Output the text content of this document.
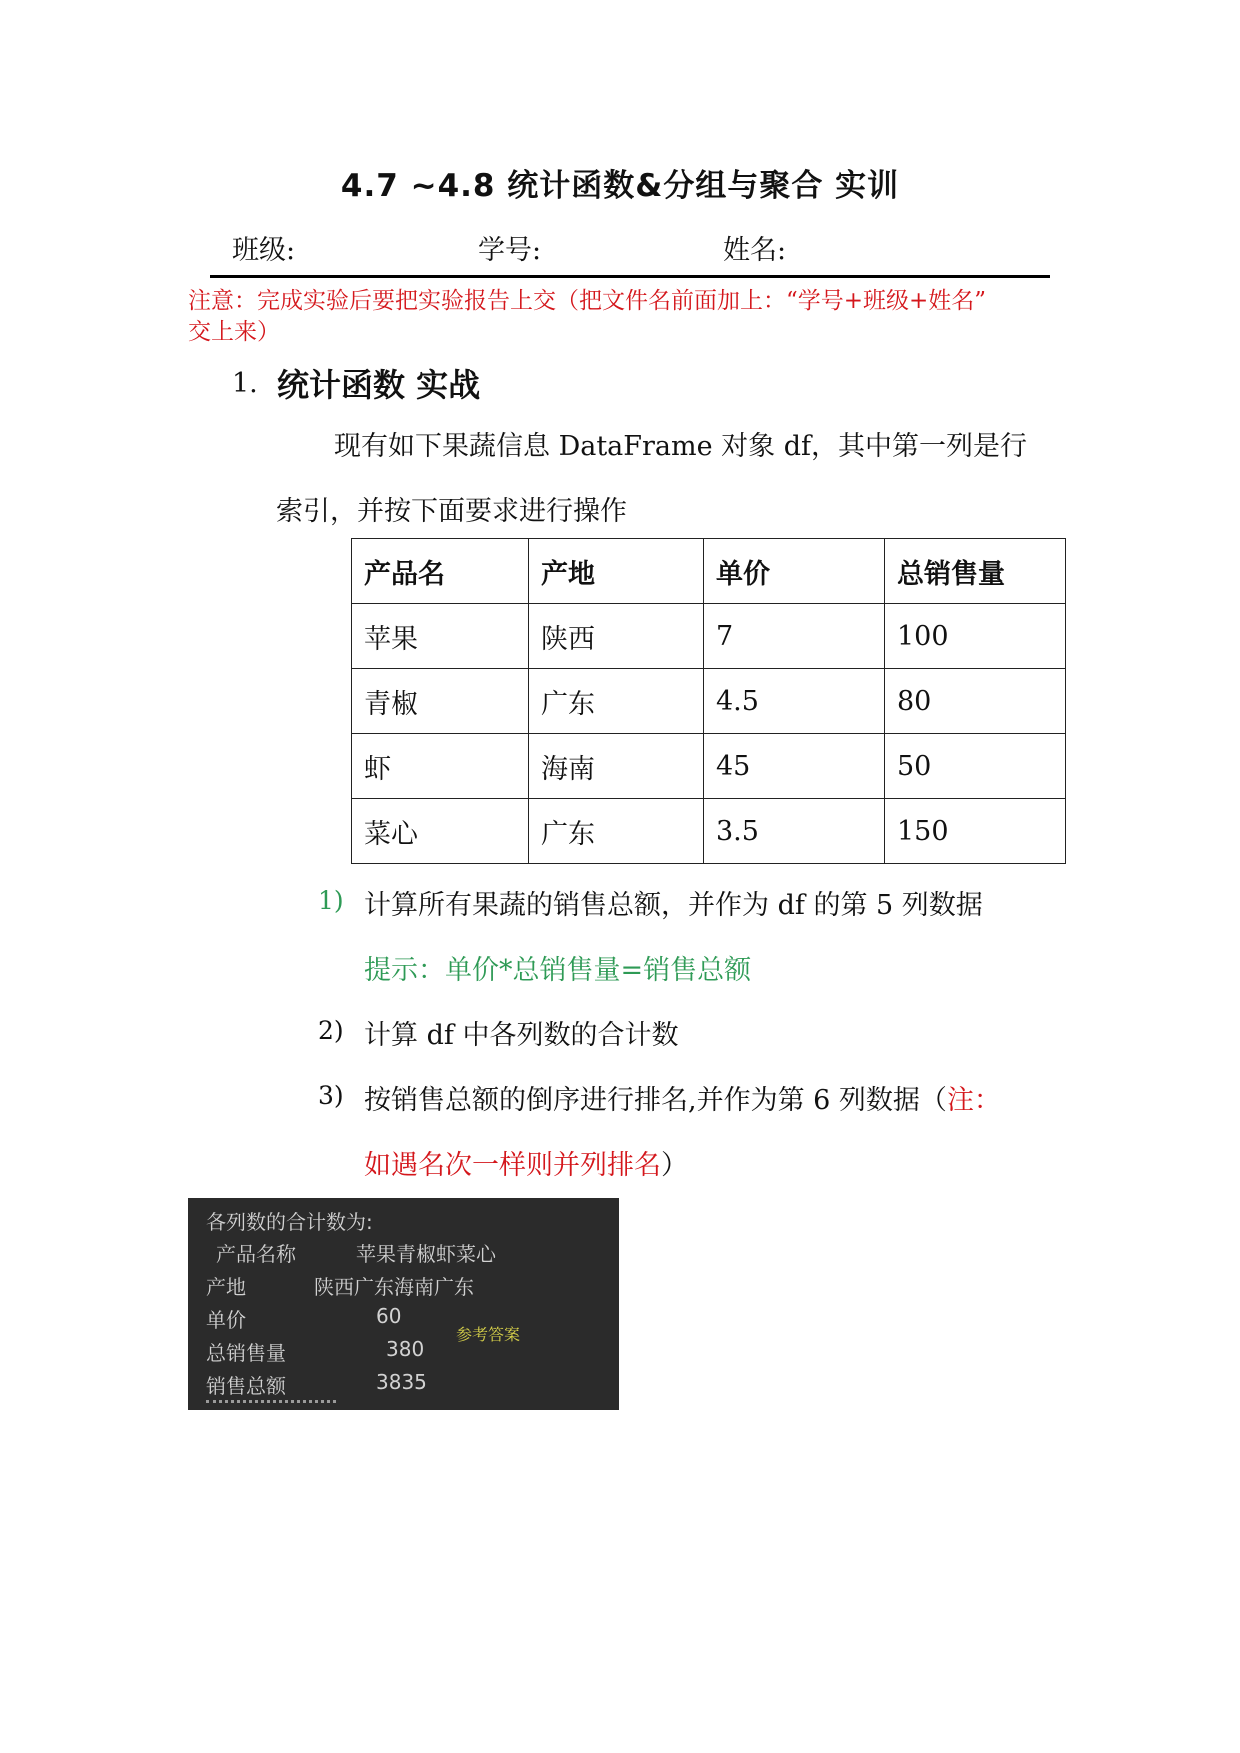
4.7 ~4.8 统计函数&分组与聚合 实训
班级:	学号:	姓名:
注意：完成实验后要把实验报告上交（把文件名前面加上：“学号+班级+姓名”
交上来）
1. 统计函数 实战
现有如下果蔬信息 DataFrame 对象 df，其中第一列是行
索引，并按下面要求进行操作
产品名	产地	单价	总销售量
苹果	陕西	7	100
青椒	广东	4.5	80
虾	海南	45	50
菜心	广东	3.5	150
1) 计算所有果蔬的销售总额，并作为 df 的第 5 列数据
提示：单价*总销售量=销售总额
2) 计算 df 中各列数的合计数
3) 按销售总额的倒序进行排名,并作为第 6 列数据（注：
如遇名次一样则并列排名）
各列数的合计数为:
产品名称	苹果青椒虾菜心
产地	陕西广东海南广东
单价	60
总销售量	380
销售总额	3835
参考答案
